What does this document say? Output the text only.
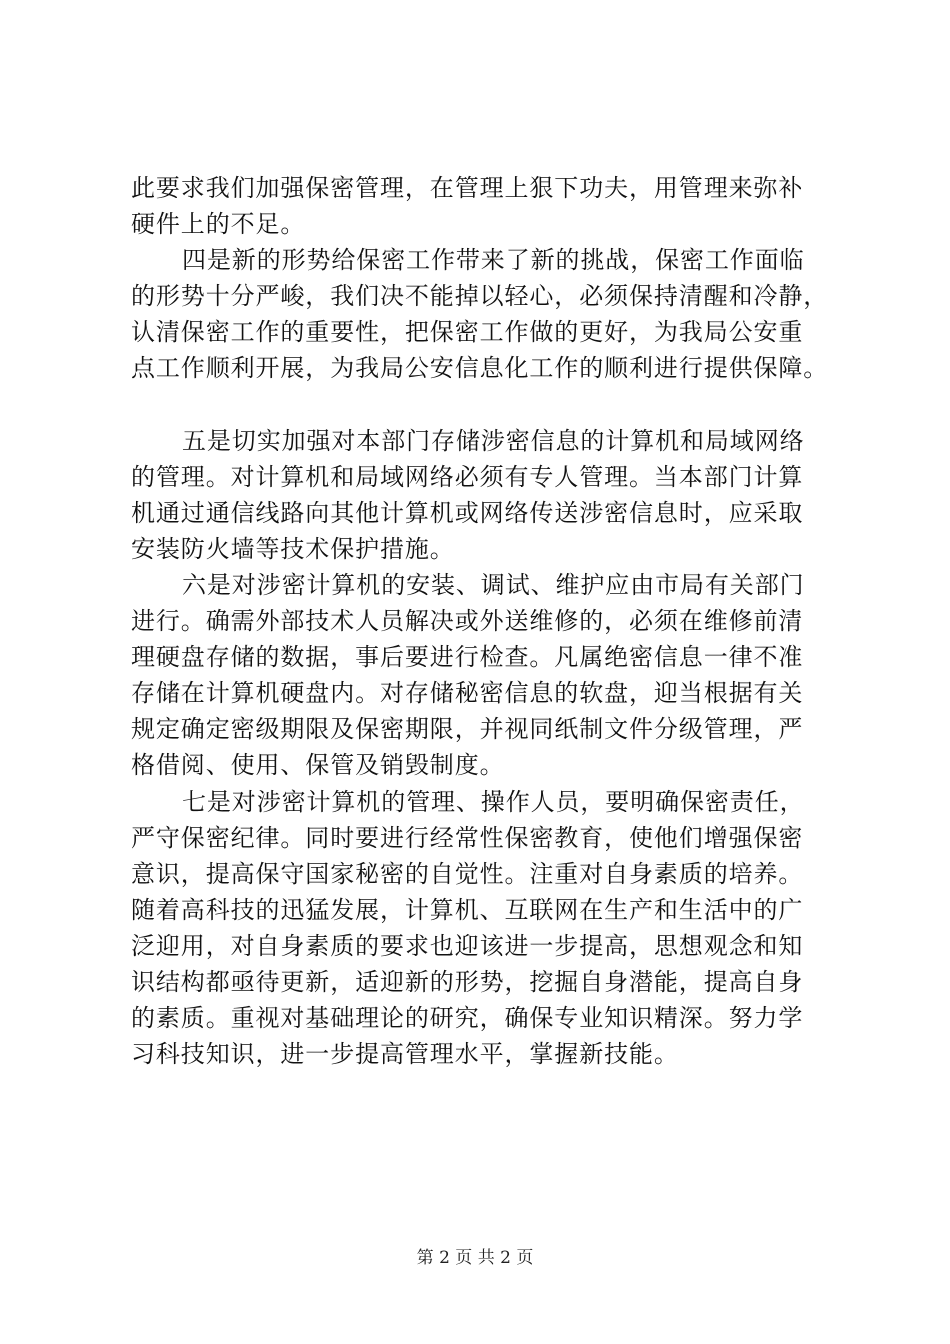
此要求我们加强保密管理，在管理上狠下功夫，用管理来弥补
硬件上的不足。

四是新的形势给保密工作带来了新的挑战，保密工作面临
的形势十分严峻，我们决不能掉以轻心，必须保持清醒和冷静，
认清保密工作的重要性，把保密工作做的更好，为我局公安重
点工作顺利开展，为我局公安信息化工作的顺利进行提供保障。

五是切实加强对本部门存储涉密信息的计算机和局域网络
的管理。对计算机和局域网络必须有专人管理。当本部门计算
机通过通信线路向其他计算机或网络传送涉密信息时，应采取
安装防火墙等技术保护措施。

六是对涉密计算机的安装、调试、维护应由市局有关部门
进行。确需外部技术人员解决或外送维修的，必须在维修前清
理硬盘存储的数据，事后要进行检查。凡属绝密信息一律不准
存储在计算机硬盘内。对存储秘密信息的软盘，迎当根据有关
规定确定密级期限及保密期限，并视同纸制文件分级管理，严
格借阅、使用、保管及销毁制度。

七是对涉密计算机的管理、操作人员，要明确保密责任，
严守保密纪律。同时要进行经常性保密教育，使他们增强保密
意识，提高保守国家秘密的自觉性。注重对自身素质的培养。
随着高科技的迅猛发展，计算机、互联网在生产和生活中的广
泛迎用，对自身素质的要求也迎该进一步提高，思想观念和知
识结构都亟待更新，适迎新的形势，挖掘自身潜能，提高自身
的素质。重视对基础理论的研究，确保专业知识精深。努力学
习科技知识，进一步提高管理水平，掌握新技能。

第 2 页 共 2 页
